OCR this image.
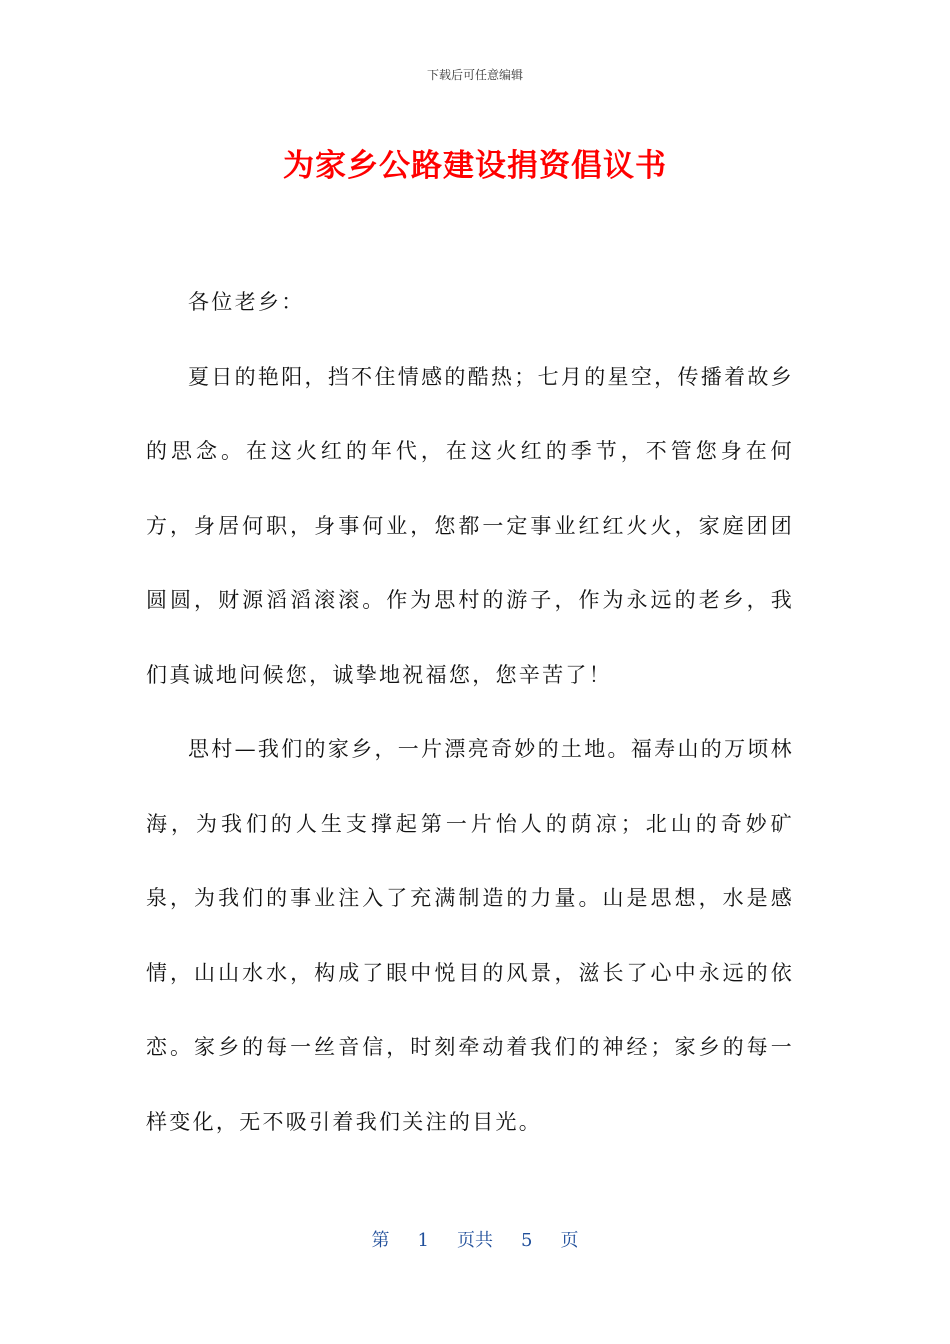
下载后可任意编辑
为家乡公路建设捐资倡议书

各位老乡：

夏日的艳阳，挡不住情感的酷热；七月的星空，传播着故乡的思念。在这火红的年代，在这火红的季节，不管您身在何方，身居何职，身事何业，您都一定事业红红火火，家庭团团圆圆，财源滔滔滚滚。作为思村的游子，作为永远的老乡，我们真诚地问候您，诚挚地祝福您，您辛苦了！

思村—我们的家乡，一片漂亮奇妙的土地。福寿山的万顷林海，为我们的人生支撑起第一片怡人的荫凉；北山的奇妙矿泉，为我们的事业注入了充满制造的力量。山是思想，水是感情，山山水水，构成了眼中悦目的风景，滋长了心中永远的依恋。家乡的每一丝音信，时刻牵动着我们的神经；家乡的每一样变化，无不吸引着我们关注的目光。

第 1 页共 5 页
